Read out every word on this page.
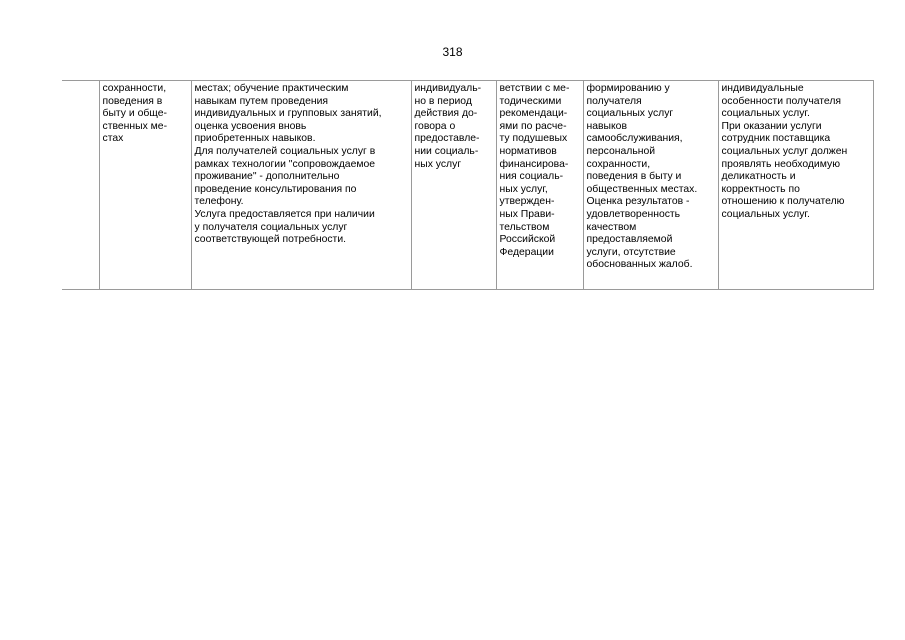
318

сохранности,
поведения в
быту и обще-
ственных ме-
стах

местах; обучение практическим
навыкам путем проведения
индивидуальных и групповых занятий,
оценка усвоения вновь
приобретенных навыков.
Для получателей социальных услуг в
рамках технологии "сопровождаемое
проживание" - дополнительно
проведение консультирования по
телефону.
Услуга предоставляется при наличии
у получателя социальных услуг
соответствующей потребности.

индивидуаль-
но в период
действия до-
говора о
предоставле-
нии социаль-
ных услуг

ветствии с ме-
тодическими
рекомендаци-
ями по расче-
ту подушевых
нормативов
финансирова-
ния социаль-
ных услуг,
утвержден-
ных Прави-
тельством
Российской
Федерации

формированию у
получателя
социальных услуг
навыков
самообслуживания,
персональной
сохранности,
поведения в быту и
общественных местах.
Оценка результатов -
удовлетворенность
качеством
предоставляемой
услуги, отсутствие
обоснованных жалоб.

индивидуальные
особенности получателя
социальных услуг.
При оказании услуги
сотрудник поставщика
социальных услуг должен
проявлять необходимую
деликатность и
корректность по
отношению к получателю
социальных услуг.
